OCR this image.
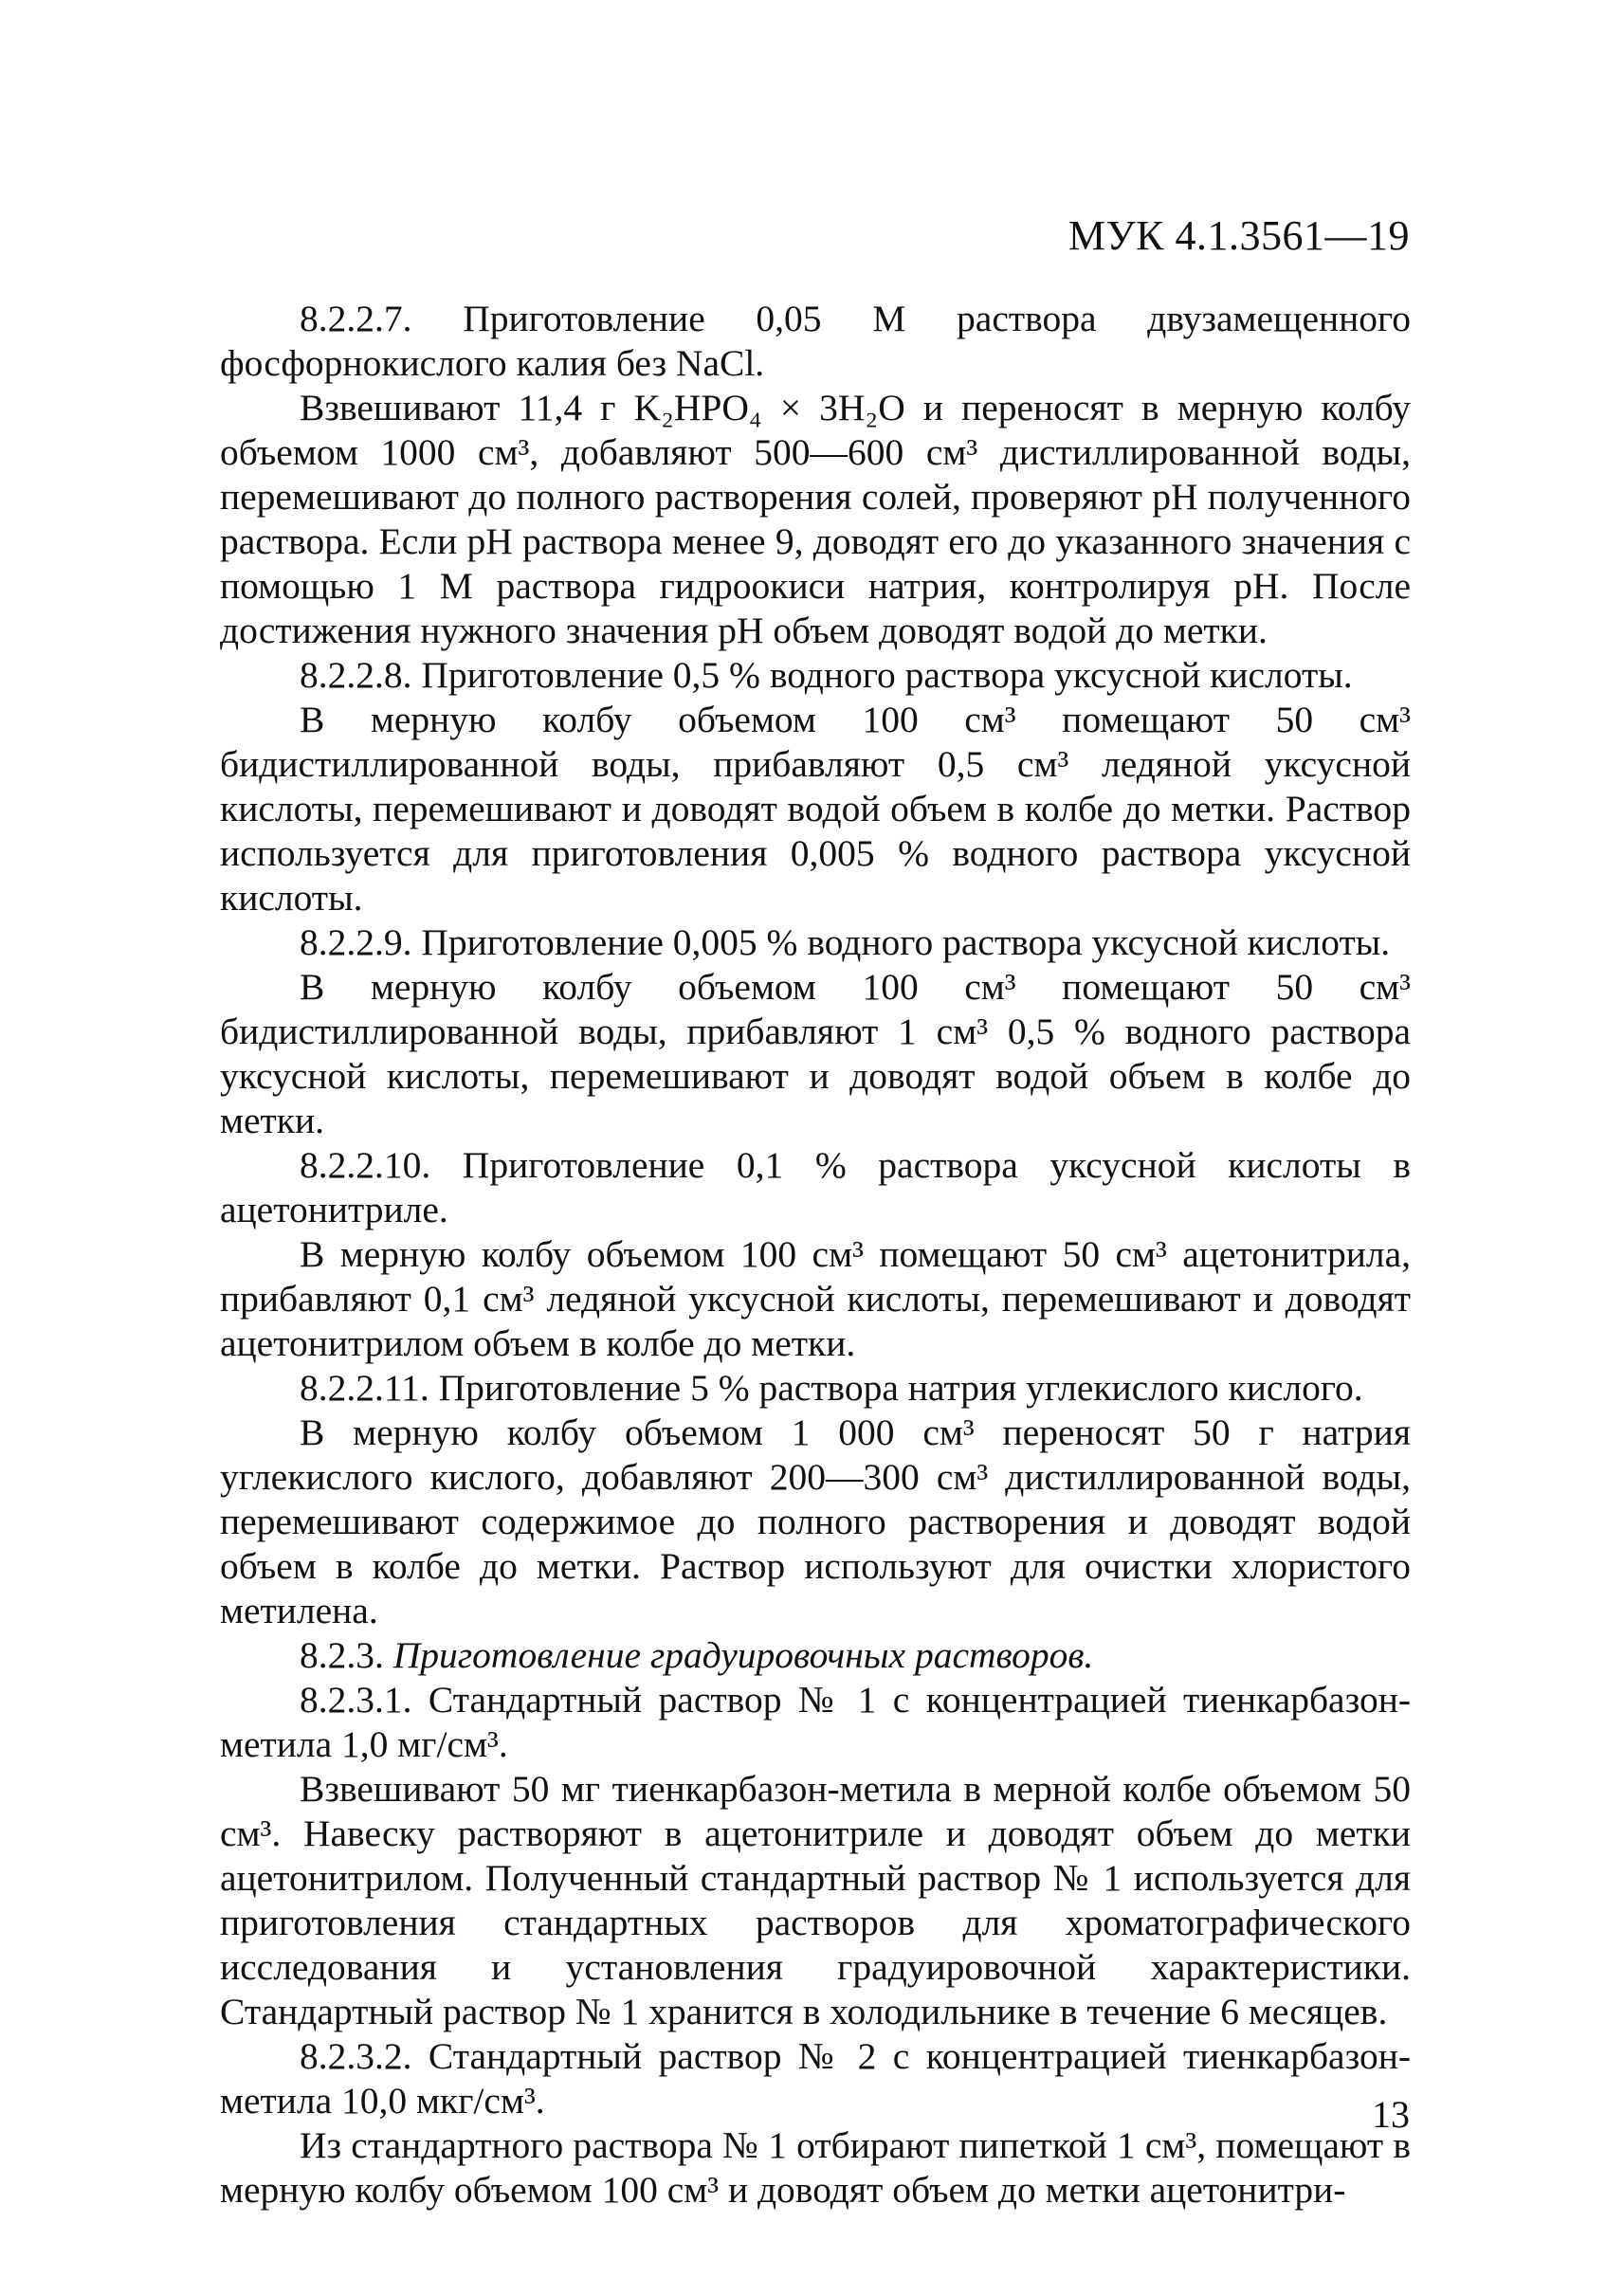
МУК 4.1.3561—19

8.2.2.7. Приготовление 0,05 М раствора двузамещенного фосфорнокислого калия без NaCl.

Взвешивают 11,4 г K₂HPO₄ × 3H₂O и переносят в мерную колбу объемом 1000 см³, добавляют 500—600 см³ дистиллированной воды, перемешивают до полного растворения солей, проверяют pH полученного раствора. Если pH раствора менее 9, доводят его до указанного значения с помощью 1 М раствора гидроокиси натрия, контролируя pH. После достижения нужного значения pH объем доводят водой до метки.

8.2.2.8. Приготовление 0,5 % водного раствора уксусной кислоты.

В мерную колбу объемом 100 см³ помещают 50 см³ бидистиллированной воды, прибавляют 0,5 см³ ледяной уксусной кислоты, перемешивают и доводят водой объем в колбе до метки. Раствор используется для приготовления 0,005 % водного раствора уксусной кислоты.

8.2.2.9. Приготовление 0,005 % водного раствора уксусной кислоты.

В мерную колбу объемом 100 см³ помещают 50 см³ бидистиллированной воды, прибавляют 1 см³ 0,5 % водного раствора уксусной кислоты, перемешивают и доводят водой объем в колбе до метки.

8.2.2.10. Приготовление 0,1 % раствора уксусной кислоты в ацетонитриле.

В мерную колбу объемом 100 см³ помещают 50 см³ ацетонитрила, прибавляют 0,1 см³ ледяной уксусной кислоты, перемешивают и доводят ацетонитрилом объем в колбе до метки.

8.2.2.11. Приготовление 5 % раствора натрия углекислого кислого.

В мерную колбу объемом 1 000 см³ переносят 50 г натрия углекислого кислого, добавляют 200—300 см³ дистиллированной воды, перемешивают содержимое до полного растворения и доводят водой объем в колбе до метки. Раствор используют для очистки хлористого метилена.

8.2.3. Приготовление градуировочных растворов.

8.2.3.1. Стандартный раствор № 1 с концентрацией тиенкарбазон-метила 1,0 мг/см³.

Взвешивают 50 мг тиенкарбазон-метила в мерной колбе объемом 50 см³. Навеску растворяют в ацетонитриле и доводят объем до метки ацетонитрилом. Полученный стандартный раствор № 1 используется для приготовления стандартных растворов для хроматографического исследования и установления градуировочной характеристики. Стандартный раствор № 1 хранится в холодильнике в течение 6 месяцев.

8.2.3.2. Стандартный раствор № 2 с концентрацией тиенкарбазон-метила 10,0 мкг/см³.

Из стандартного раствора № 1 отбирают пипеткой 1 см³, помещают в мерную колбу объемом 100 см³ и доводят объем до метки ацетонитри-

13
